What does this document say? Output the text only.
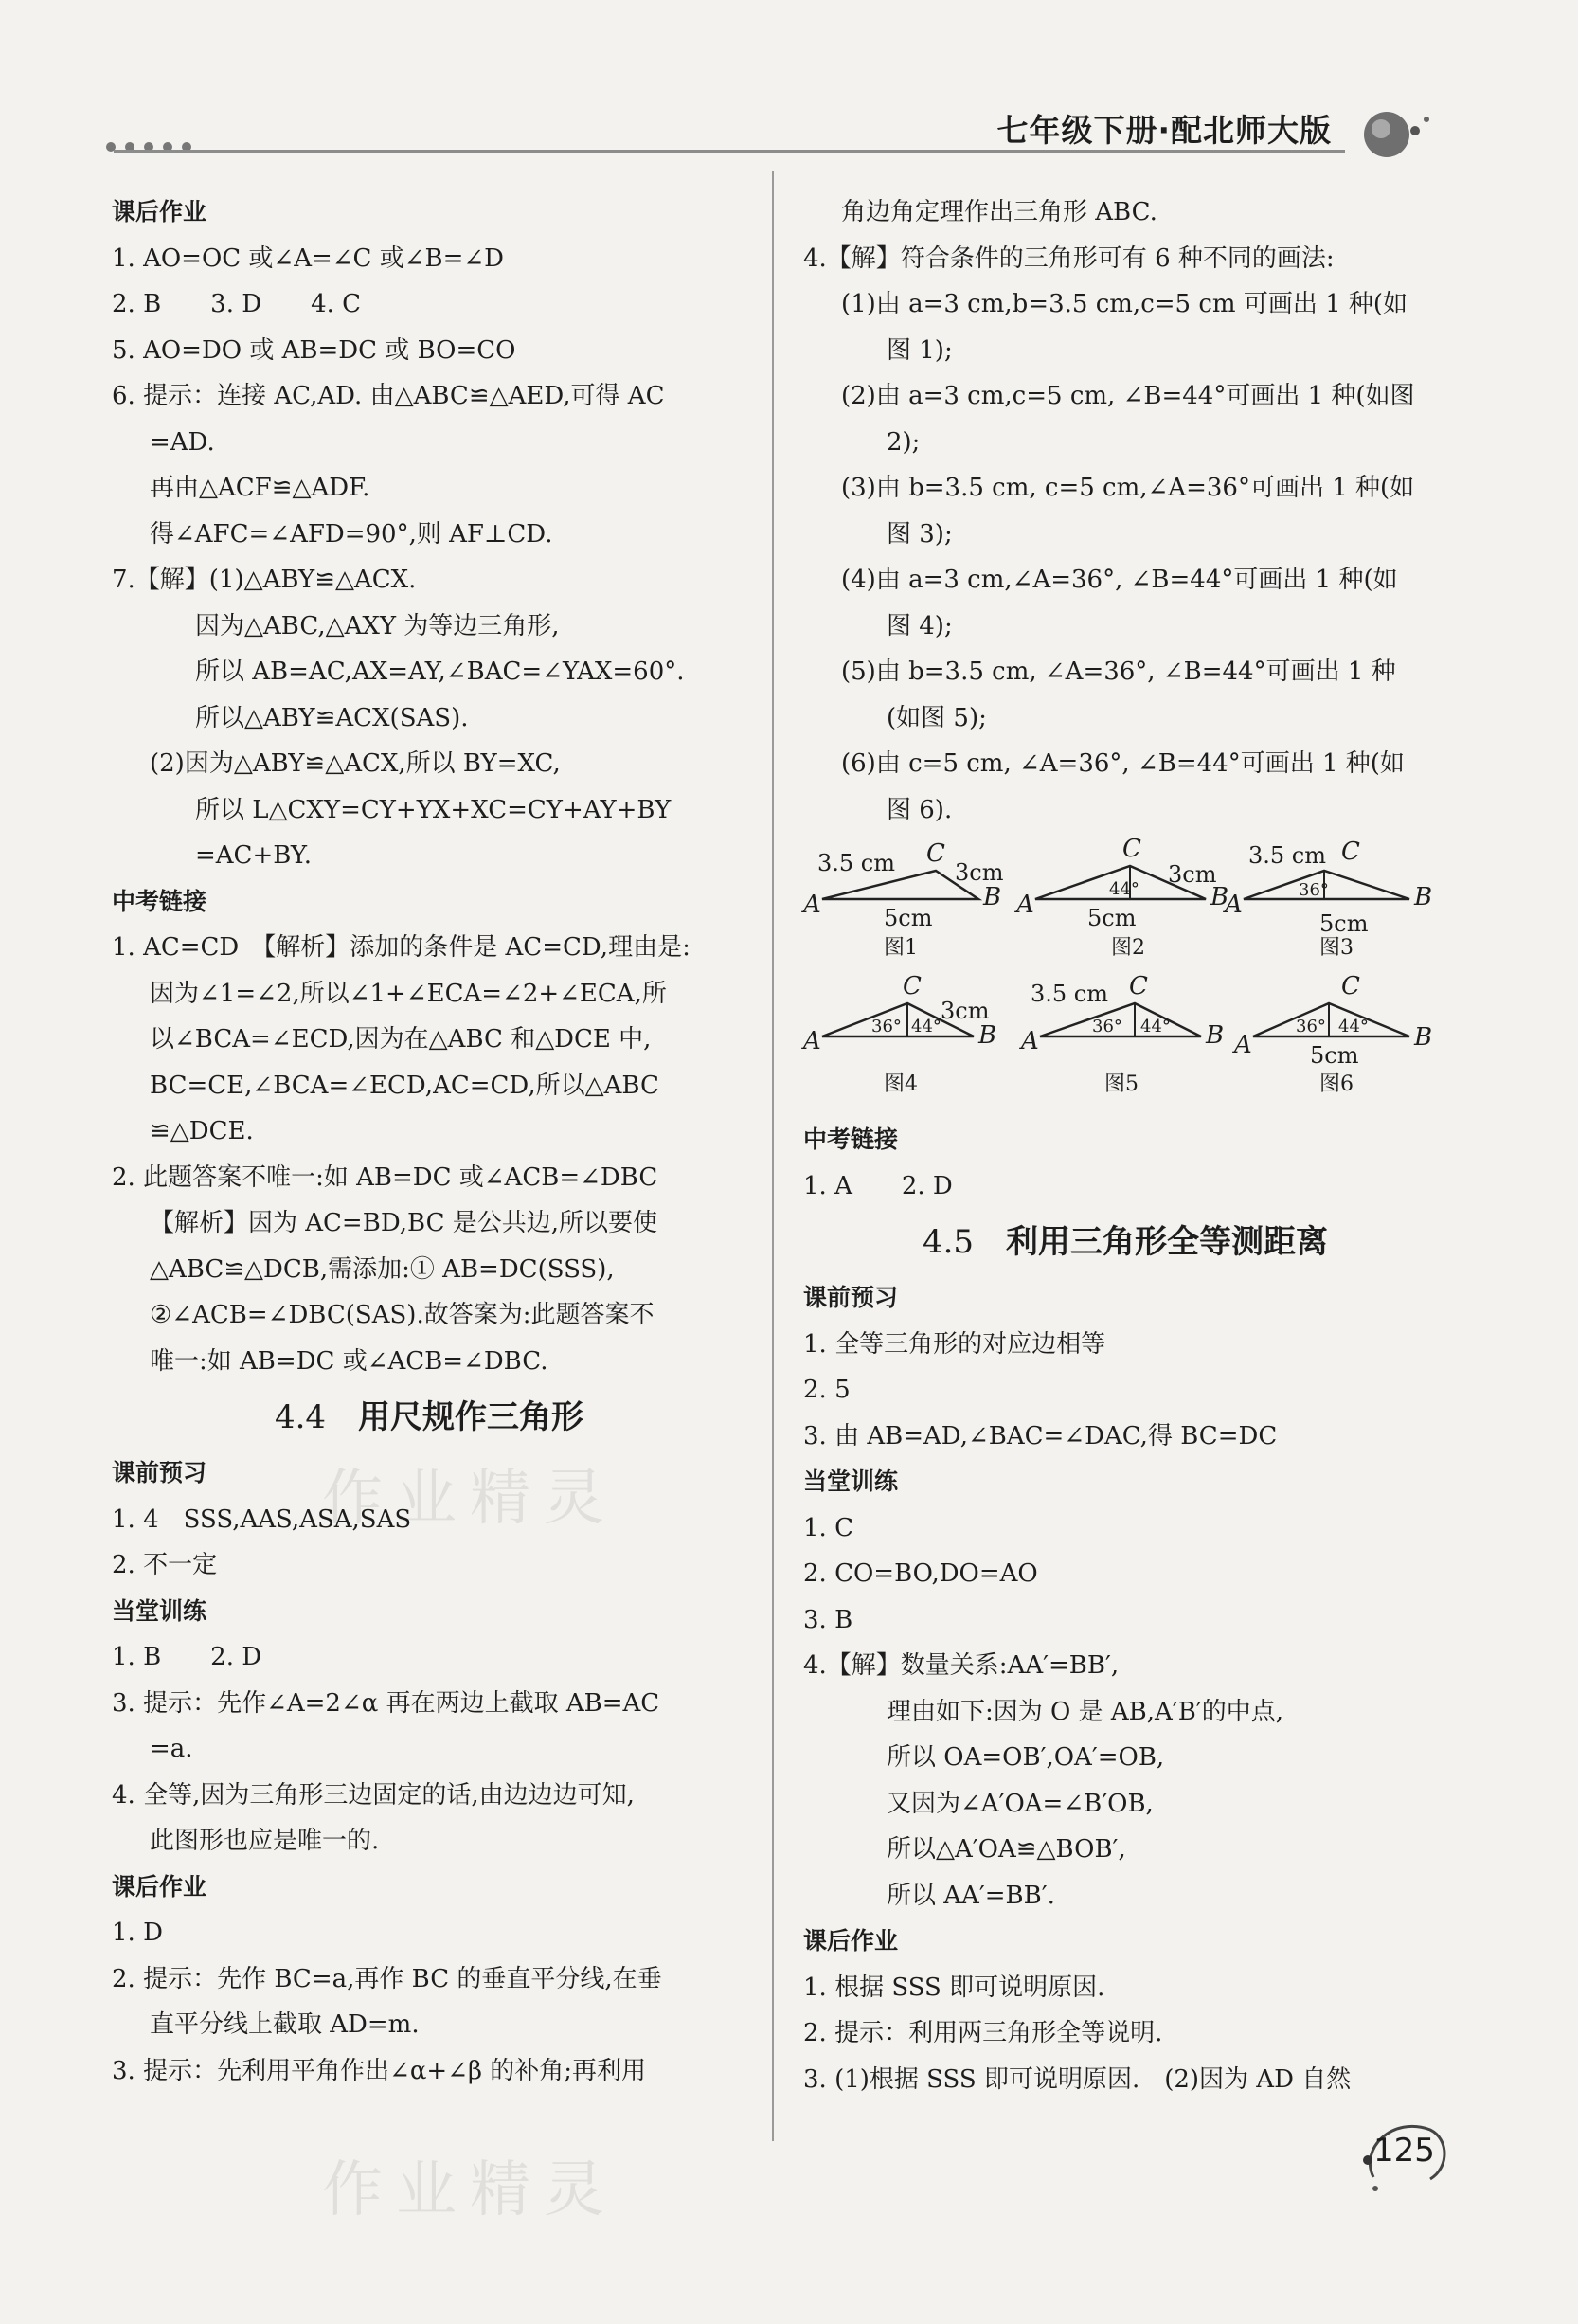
七年级下册·配北师大版
课后作业
1. AO=OC 或∠A=∠C 或∠B=∠D
2. B　　3. D　　4. C
5. AO=DO 或 AB=DC 或 BO=CO
6. 提示：连接 AC,AD. 由△ABC≌△AED,可得 AC
=AD.
再由△ACF≌△ADF.
得∠AFC=∠AFD=90°,则 AF⊥CD.
7.【解】(1)△ABY≌△ACX.
因为△ABC,△AXY 为等边三角形,
所以 AB=AC,AX=AY,∠BAC=∠YAX=60°.
所以△ABY≌ACX(SAS).
(2)因为△ABY≌△ACX,所以 BY=XC,
所以 L△CXY=CY+YX+XC=CY+AY+BY
=AC+BY.
中考链接
1. AC=CD　【解析】添加的条件是 AC=CD,理由是:
因为∠1=∠2,所以∠1+∠ECA=∠2+∠ECA,所
以∠BCA=∠ECD,因为在△ABC 和△DCE 中,
BC=CE,∠BCA=∠ECD,AC=CD,所以△ABC
≌△DCE.
2. 此题答案不唯一:如 AB=DC 或∠ACB=∠DBC
【解析】因为 AC=BD,BC 是公共边,所以要使
△ABC≌△DCB,需添加:① AB=DC(SSS),
②∠ACB=∠DBC(SAS).故答案为:此题答案不
唯一:如 AB=DC 或∠ACB=∠DBC.
4.4 用尺规作三角形
课前预习
1. 4　SSS,AAS,ASA,SAS
2. 不一定
当堂训练
1. B　　2. D
3. 提示：先作∠A=2∠α 再在两边上截取 AB=AC
=a.
4. 全等,因为三角形三边固定的话,由边边边可知,
此图形也应是唯一的.
课后作业
1. D
2. 提示：先作 BC=a,再作 BC 的垂直平分线,在垂
直平分线上截取 AD=m.
3. 提示：先利用平角作出∠α+∠β 的补角;再利用
角边角定理作出三角形 ABC.
4.【解】符合条件的三角形可有 6 种不同的画法:
(1)由 a=3 cm,b=3.5 cm,c=5 cm 可画出 1 种(如
图 1);
(2)由 a=3 cm,c=5 cm, ∠B=44°可画出 1 种(如图
2);
(3)由 b=3.5 cm, c=5 cm,∠A=36°可画出 1 种(如
图 3);
(4)由 a=3 cm,∠A=36°, ∠B=44°可画出 1 种(如
图 4);
(5)由 b=3.5 cm, ∠A=36°, ∠B=44°可画出 1 种
(如图 5);
(6)由 c=5 cm, ∠A=36°, ∠B=44°可画出 1 种(如
图 6).
A	B
C
A	B
C
A	B
C
A	B
C
A	B
C
A	B
C
3.5 cm	3cm
5cm
44°
3cm
5cm
3.5 cm
36°
5cm
36° 44°
3cm
3.5 cm
36° 44°	36° 44°
5cm
图1	图2	图3
图4	图5	图6
中考链接
1. A　　2. D
4.5 利用三角形全等测距离
课前预习
1. 全等三角形的对应边相等
2. 5
3. 由 AB=AD,∠BAC=∠DAC,得 BC=DC
当堂训练
1. C
2. CO=BO,DO=AO
3. B
4.【解】数量关系:AA′=BB′,
理由如下:因为 O 是 AB,A′B′的中点,
所以 OA=OB′,OA′=OB,
又因为∠A′OA=∠B′OB,
所以△A′OA≌△BOB′,
所以 AA′=BB′.
课后作业
1. 根据 SSS 即可说明原因.
2. 提示：利用两三角形全等说明.
3. (1)根据 SSS 即可说明原因.　(2)因为 AD 自然
作业精灵
作业精灵
125
